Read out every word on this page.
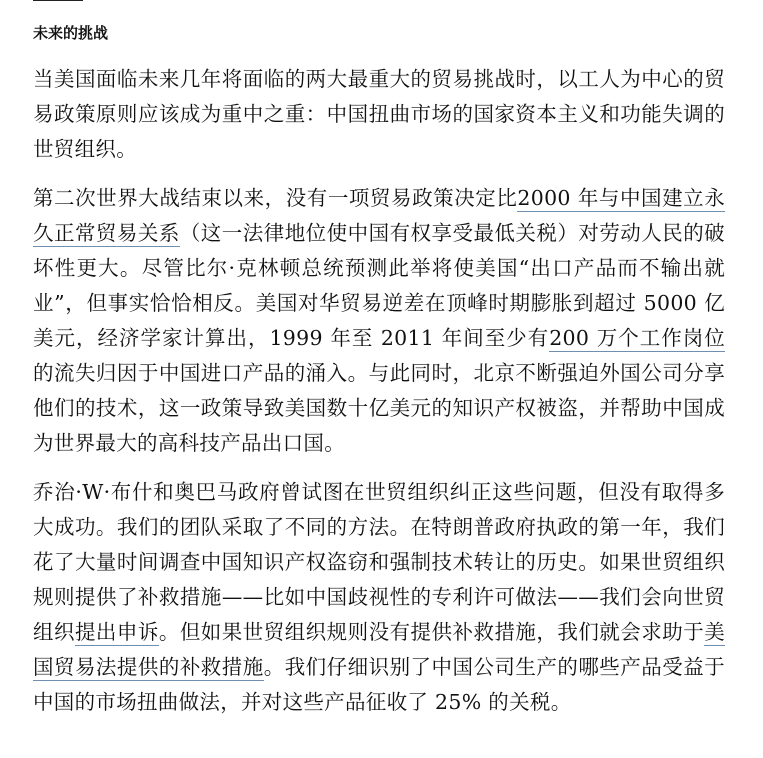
未来的挑战

当美国面临未来几年将面临的两大最重大的贸易挑战时，以工人为中心的贸易政策原则应该成为重中之重：中国扭曲市场的国家资本主义和功能失调的世贸组织。

第二次世界大战结束以来，没有一项贸易政策决定比2000 年与中国建立永久正常贸易关系（这一法律地位使中国有权享受最低关税）对劳动人民的破坏性更大。尽管比尔·克林顿总统预测此举将使美国“出口产品而不输出就业”，但事实恰恰相反。美国对华贸易逆差在顶峰时期膨胀到超过 5000 亿美元，经济学家计算出，1999 年至 2011 年间至少有200 万个工作岗位的流失归因于中国进口产品的涌入。与此同时，北京不断强迫外国公司分享他们的技术，这一政策导致美国数十亿美元的知识产权被盗，并帮助中国成为世界最大的高科技产品出口国。

乔治·W·布什和奥巴马政府曾试图在世贸组织纠正这些问题，但没有取得多大成功。我们的团队采取了不同的方法。在特朗普政府执政的第一年，我们花了大量时间调查中国知识产权盗窃和强制技术转让的历史。如果世贸组织规则提供了补救措施——比如中国歧视性的专利许可做法——我们会向世贸组织提出申诉。但如果世贸组织规则没有提供补救措施，我们就会求助于美国贸易法提供的补救措施。我们仔细识别了中国公司生产的哪些产品受益于中国的市场扭曲做法，并对这些产品征收了 25% 的关税。
